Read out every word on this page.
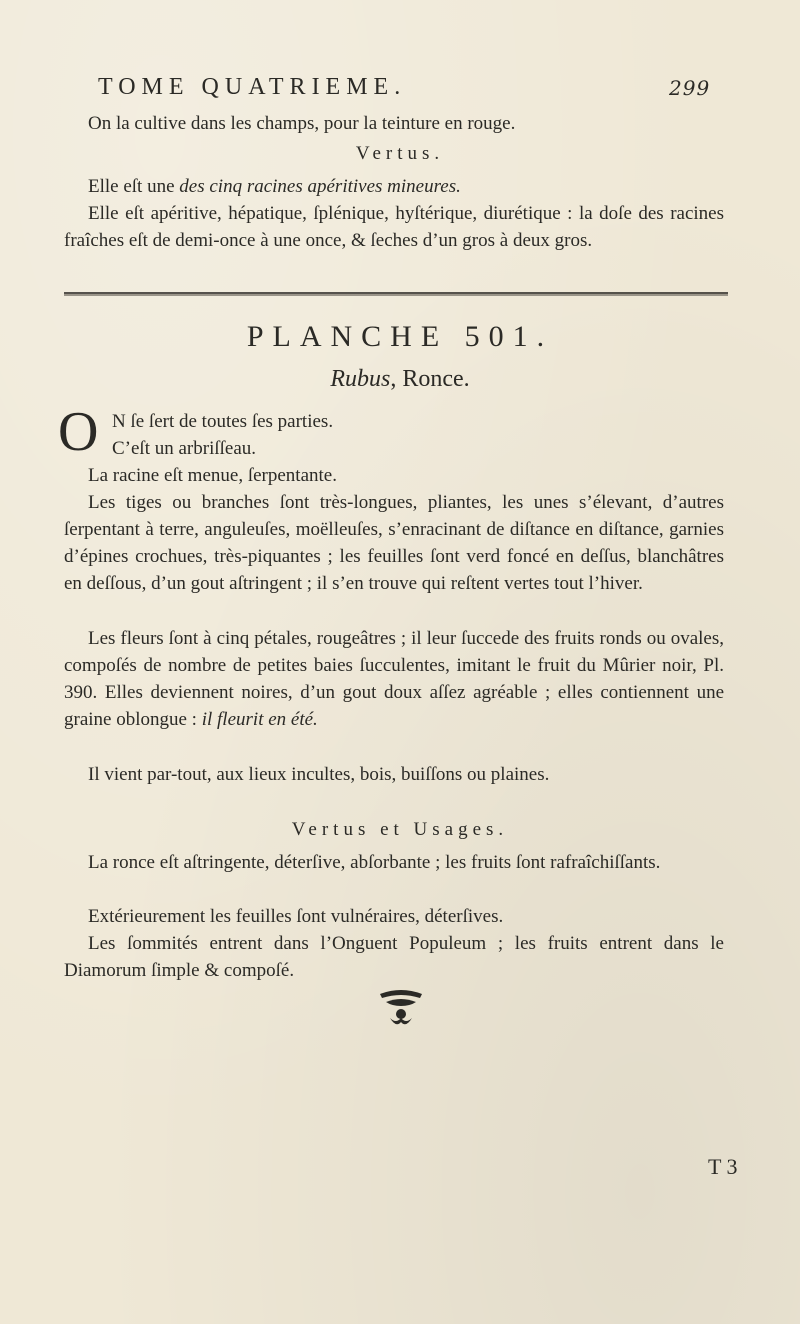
TOME QUATRIEME.	299
On la cultive dans les champs, pour la teinture en rouge.
Vertus.
Elle eſt une des cinq racines apéritives mineures.
Elle eſt apéritive, hépatique, ſplénique, hyſtérique, diurétique : la doſe des racines fraîches eſt de demi-once à une once, & ſeches d’un gros à deux gros.
PLANCHE 501.
Rubus, Ronce.
O N ſe ſert de toutes ſes parties.
C’eſt un arbriſſeau.
La racine eſt menue, ſerpentante.
Les tiges ou branches ſont très-longues, pliantes, les unes s’élevant, d’autres ſerpentant à terre, anguleuſes, moëlleuſes, s’enracinant de diſtance en diſtance, garnies d’épines crochues, très-piquantes ; les feuilles ſont verd foncé en deſſus, blanchâtres en deſſous, d’un gout aſtringent ; il s’en trouve qui reſtent vertes tout l’hiver.
Les fleurs ſont à cinq pétales, rougeâtres ; il leur ſuccede des fruits ronds ou ovales, compoſés de nombre de petites baies ſucculentes, imitant le fruit du Mûrier noir, Pl. 390. Elles deviennent noires, d’un gout doux aſſez agréable ; elles contiennent une graine oblongue : il fleurit en été.
Il vient par-tout, aux lieux incultes, bois, buiſſons ou plaines.
Vertus et Usages.
La ronce eſt aſtringente, déterſive, abſorbante ; les fruits ſont rafraîchiſſants.
Extérieurement les feuilles ſont vulnéraires, déterſives.
Les ſommités entrent dans l’Onguent Populeum ; les fruits entrent dans le Diamorum ſimple & compoſé.
T 3
